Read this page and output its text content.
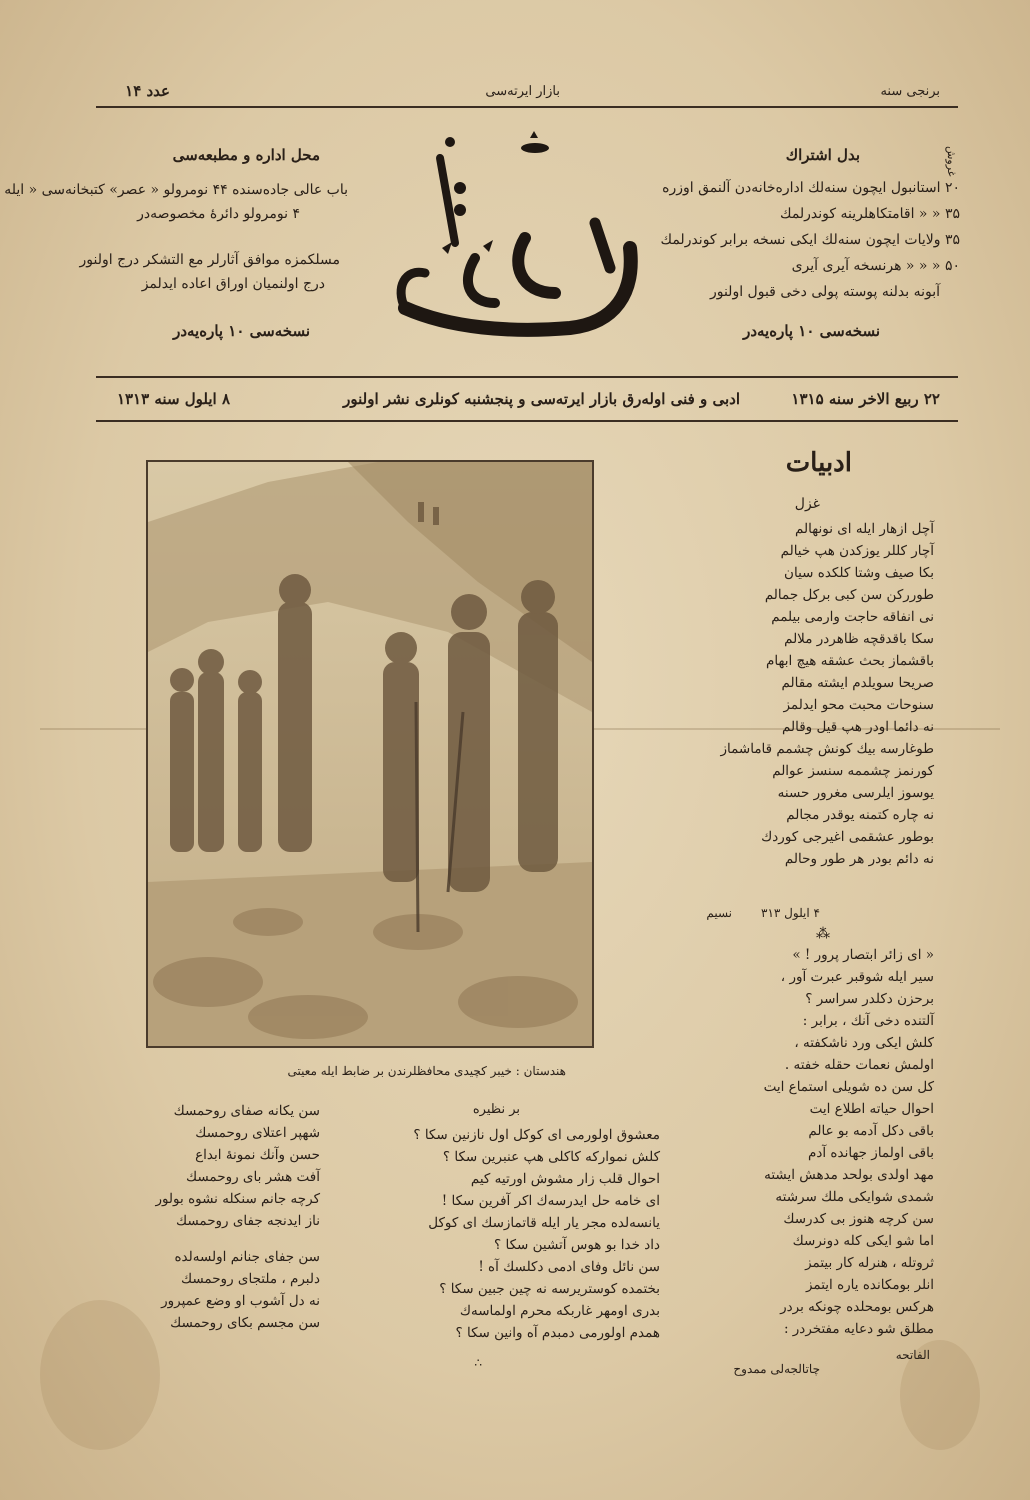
برنجی سنه
بازار ایرته‌سی
عدد ۱۴
بدل اشتراك	غروش
۲۰ استانبول ایچون سنه‌لك اداره‌خانه‌دن آلنمق اوزره
۳۵ « « اقامتکاهلرینه کوندرلمك
۳۵ ولایات ایچون سنه‌لك ایکی نسخه برابر کوندرلمك
۵۰ « « « هرنسخه آیری آیری
آبونه بدلنه پوسته پولی دخی قبول اولنور
نسخه‌سی ۱۰ پاره‌یه‌در
محل اداره و مطبعه‌سی
باب عالی جاده‌سنده ۴۴ نومرولو « عصر» کتبخانه‌سی « ایله
۴ نومرولو دائرهٔ مخصوصه‌در
مسلکمزه موافق آثارلر مع التشکر درج اولنور
درج اولنمیان اوراق اعاده ایدلمز
نسخه‌سی ۱۰ پاره‌یه‌در
۲۲ ربیع الاخر سنه ۱۳۱۵
ادبی و فنی اوله‌رق بازار ایرته‌سی و پنجشنبه کونلری نشر اولنور
۸ ایلول سنه ۱۳۱۳
ادبیات
غزل
آچل ازهار ایله ای نونهالم
آچار کللر یوزکدن هپ خیالم
بکا صیف وشتا کلکده سیان
طوررکن سن کبی برکل جمالم
نی انفاقه حاجت وارمی بیلمم
سکا باقدقچه ظاهردر ملالم
باقشماز بحث عشقه هیچ ابهام
صریحا سویلدم ایشته مقالم
سنوحات محبت محو ایدلمز
نه دائما اودر هپ قیل وقالم
طوغارسه بیك کونش چشمم قاماشماز
کورنمز چشممه سنسز عوالم
یوسوز ایلرسی مغرور حسنه
نه چاره کتمنه یوقدر مجالم
بوطور عشقمی اغیرجی کوردك
نه دائم بودر هر طور وحالم
۴ ایلول ۳۱۳
نسیم
⁂
« ای زائر ابتصار پرور ! »
سیر ایله شوقبر عبرت آور ،
برحزن دکلدر سراسر ؟
آلتنده دخی آنك ، برابر :
کلش ایکی ورد ناشکفته ،
اولمش نعمات حقله خفته .
کل سن ده شویلی استماع ایت
احوال حیاته اطلاع ایت
باقی دکل آدمه بو عالم
باقی اولماز جهانده آدم
مهد اولدی بولحد مدهش ایشته
شمدی شوایکی ملك سرشته
سن کرچه هنوز بی کدرسك
اما شو ایکی کله دونرسك
ثروتله ، هنرله کار بیتمز
انلر بومکانده یاره ایتمز
هرکس بومحلده چونکه بردر
مطلق شو دعایه مفتخردر :
الفاتحه
چاتالجه‌لی ممدوح
هندستان : خیبر کچیدی محافظلرندن بر ضابط ایله معیتی
بر نظیره
معشوق اولورمی ای کوکل اول نازنین سکا ؟
کلش نموارکه کاکلی هپ عنبرین سکا ؟
احوال قلب زار مشوش اورتیه کیم
ای خامه حل ایدرسه‌ك اکر آفرین سکا !
یانسه‌لده مجر یار ایله قاتمازسك ای کوکل
داد خدا بو هوس آتشین سکا ؟
سن نائل وفای ادمی دکلسك آه !
بختمده کوستریرسه نه چین جبین سکا ؟
بدری اومهر غاربکه محرم اولماسه‌ك
همدم اولورمی دمبدم آه وانین سکا ؟
∴
سن یکانه صفای روحمسك
شهپر اعتلای روحمسك
حسن وآنك نمونهٔ ابداع
آفت هشر بای روحمسك
کرچه جانم سنکله نشوه بولور
ناز ایدنجه جفای روحمسك
سن جفای جنانم اولسه‌لده
دلبرم ، ملتجای روحمسك
نه دل آشوب او وضع عمپرور
سن مجسم بکای روحمسك
